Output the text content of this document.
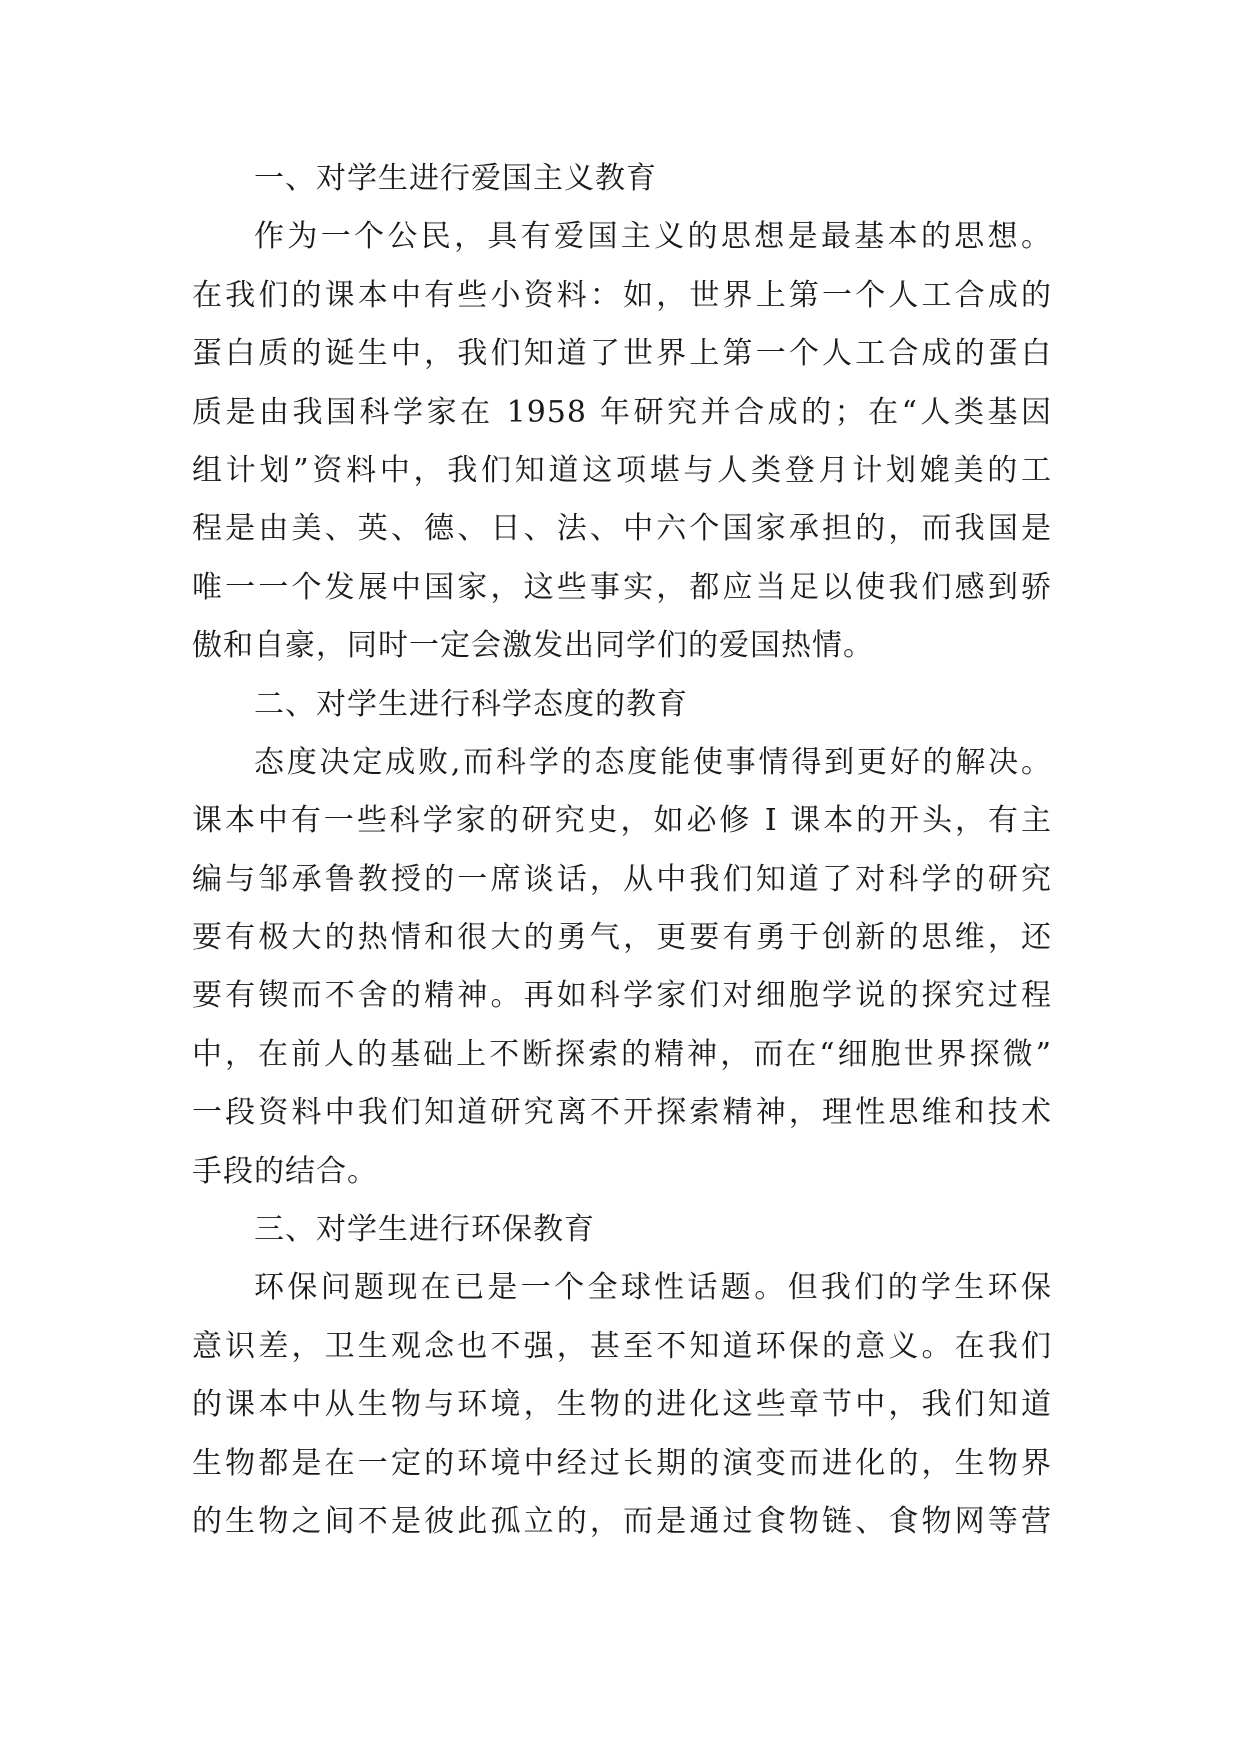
一、对学生进行爱国主义教育
作为一个公民，具有爱国主义的思想是最基本的思想。
在我们的课本中有些小资料：如，世界上第一个人工合成的
蛋白质的诞生中，我们知道了世界上第一个人工合成的蛋白
质是由我国科学家在 1958 年研究并合成的；在“人类基因
组计划”资料中，我们知道这项堪与人类登月计划媲美的工
程是由美、英、德、日、法、中六个国家承担的，而我国是
唯一一个发展中国家，这些事实，都应当足以使我们感到骄
傲和自豪，同时一定会激发出同学们的爱国热情。
二、对学生进行科学态度的教育
态度决定成败,而科学的态度能使事情得到更好的解决。
课本中有一些科学家的研究史，如必修 I 课本的开头，有主
编与邹承鲁教授的一席谈话，从中我们知道了对科学的研究
要有极大的热情和很大的勇气，更要有勇于创新的思维，还
要有锲而不舍的精神。再如科学家们对细胞学说的探究过程
中，在前人的基础上不断探索的精神，而在“细胞世界探微”
一段资料中我们知道研究离不开探索精神，理性思维和技术
手段的结合。
三、对学生进行环保教育
环保问题现在已是一个全球性话题。但我们的学生环保
意识差，卫生观念也不强，甚至不知道环保的意义。在我们
的课本中从生物与环境，生物的进化这些章节中，我们知道
生物都是在一定的环境中经过长期的演变而进化的，生物界
的生物之间不是彼此孤立的，而是通过食物链、食物网等营
